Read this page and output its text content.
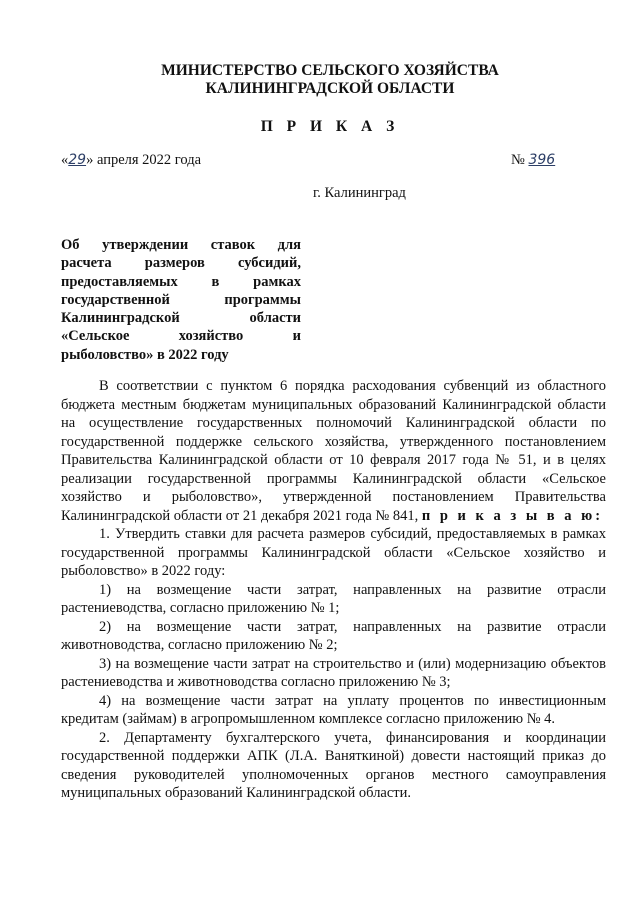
МИНИСТЕРСТВО СЕЛЬСКОГО ХОЗЯЙСТВА
КАЛИНИНГРАДСКОЙ ОБЛАСТИ
П Р И К А З
«29» апреля 2022 года	№ 396
г. Калининград
Об утверждении ставок для
расчета размеров субсидий,
предоставляемых в рамках
государственной программы
Калининградской области
«Сельское хозяйство и
рыболовство» в 2022 году

В соответствии с пунктом 6 порядка расходования субвенций из областного бюджета местным бюджетам муниципальных образований Калининградской области на осуществление государственных полномочий Калининградской области по государственной поддержке сельского хозяйства, утвержденного постановлением Правительства Калининградской области от 10 февраля 2017 года № 51, и в целях реализации государственной программы Калининградской области «Сельское хозяйство и рыболовство», утвержденной постановлением Правительства Калининградской области от 21 декабря 2021 года № 841, п р и к а з ы в а ю:

1. Утвердить ставки для расчета размеров субсидий, предоставляемых в рамках государственной программы Калининградской области «Сельское хозяйство и рыболовство» в 2022 году:

1) на возмещение части затрат, направленных на развитие отрасли растениеводства, согласно приложению № 1;

2) на возмещение части затрат, направленных на развитие отрасли животноводства, согласно приложению № 2;

3) на возмещение части затрат на строительство и (или) модернизацию объектов растениеводства и животноводства согласно приложению № 3;

4) на возмещение части затрат на уплату процентов по инвестиционным кредитам (займам) в агропромышленном комплексе согласно приложению № 4.

2. Департаменту бухгалтерского учета, финансирования и координации государственной поддержки АПК (Л.А. Ваняткиной) довести настоящий приказ до сведения руководителей уполномоченных органов местного самоуправления муниципальных образований Калининградской области.
